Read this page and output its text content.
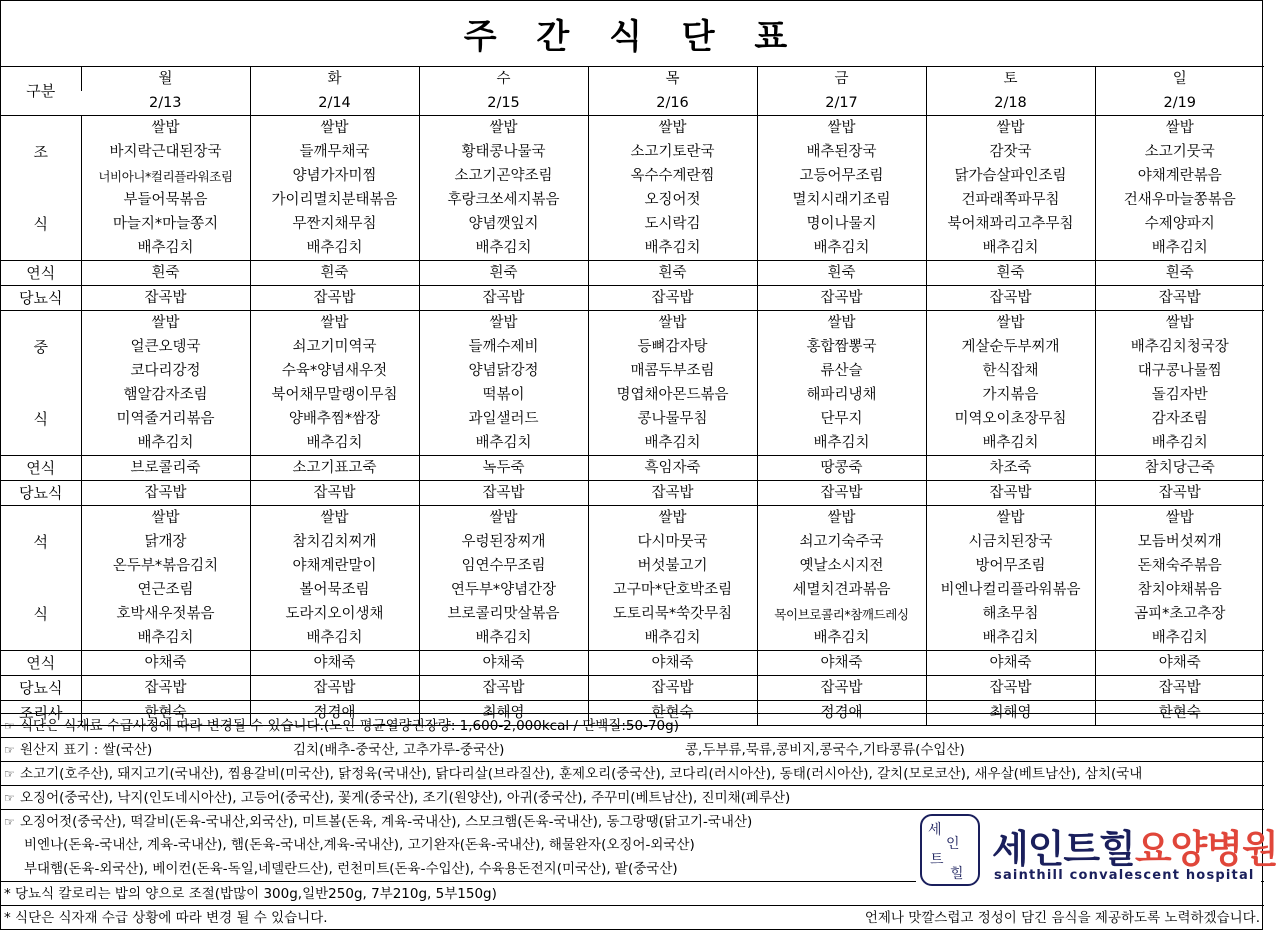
주 간 식 단 표
구분	월	화	수	목	금	토	일
	2/13	2/14	2/15	2/16	2/17	2/18	2/19
	쌀밥	쌀밥	쌀밥	쌀밥	쌀밥	쌀밥	쌀밥
조	바지락근대된장국	들깨무채국	황태콩나물국	소고기토란국	배추된장국	감잣국	소고기뭇국
	너비아니*컬리플라워조림	양념가자미찜	소고기곤약조림	옥수수계란찜	고등어무조림	닭가슴살파인조림	야채계란볶음
	부들어묵볶음	가이리멸치분태볶음	후랑크쏘세지볶음	오징어젓	멸치시래기조림	건파래쪽파무침	건새우마늘쫑볶음
식	마늘지*마늘쫑지	무짠지채무침	양념깻잎지	도시락김	명이나물지	북어채꽈리고추무침	수제양파지
	배추김치	배추김치	배추김치	배추김치	배추김치	배추김치	배추김치
연식	흰죽	흰죽	흰죽	흰죽	흰죽	흰죽	흰죽
당뇨식	잡곡밥	잡곡밥	잡곡밥	잡곡밥	잡곡밥	잡곡밥	잡곡밥
	쌀밥	쌀밥	쌀밥	쌀밥	쌀밥	쌀밥	쌀밥
중	얼큰오뎅국	쇠고기미역국	들깨수제비	등뼈감자탕	홍합짬뽕국	게살순두부찌개	배추김치청국장
	코다리강정	수육*양념새우젓	양념닭강정	매콤두부조림	류산슬	한식잡채	대구콩나물찜
	햄알감자조림	북어채무말랭이무침	떡볶이	명엽채아몬드볶음	해파리냉채	가지볶음	돌김자반
식	미역줄거리볶음	양배추찜*쌈장	과일샐러드	콩나물무침	단무지	미역오이초장무침	감자조림
	배추김치	배추김치	배추김치	배추김치	배추김치	배추김치	배추김치
연식	브로콜리죽	소고기표고죽	녹두죽	흑임자죽	땅콩죽	차조죽	참치당근죽
당뇨식	잡곡밥	잡곡밥	잡곡밥	잡곡밥	잡곡밥	잡곡밥	잡곡밥
	쌀밥	쌀밥	쌀밥	쌀밥	쌀밥	쌀밥	쌀밥
석	닭개장	참치김치찌개	우렁된장찌개	다시마뭇국	쇠고기숙주국	시금치된장국	모듬버섯찌개
	온두부*볶음김치	야채계란말이	임연수무조림	버섯불고기	옛날소시지전	방어무조림	돈채숙주볶음
	연근조림	볼어묵조림	연두부*양념간장	고구마*단호박조림	세멸치견과볶음	비엔나컬리플라워볶음	참치야채볶음
식	호박새우젓볶음	도라지오이생채	브로콜리맛살볶음	도토리묵*쑥갓무침	목이브로콜리*참깨드레싱	해초무침	곰피*초고추장
	배추김치	배추김치	배추김치	배추김치	배추김치	배추김치	배추김치
연식	야채죽	야채죽	야채죽	야채죽	야채죽	야채죽	야채죽
당뇨식	잡곡밥	잡곡밥	잡곡밥	잡곡밥	잡곡밥	잡곡밥	잡곡밥
조리사	한현숙	정경애	최해영	한현숙	정경애	최해영	한현숙
☞ 식단은 식재료 수급사정에 따라 변경될 수 있습니다.(노인 평균열량권장량: 1,600-2,000kcal / 단백질:50-70g)
☞ 원산지 표기 : 쌀(국산)	김치(배추-중국산, 고추가루-중국산)	콩,두부류,묵류,콩비지,콩국수,기타콩류(수입산)
☞ 소고기(호주산), 돼지고기(국내산), 찜용갈비(미국산), 닭정육(국내산), 닭다리살(브라질산), 훈제오리(중국산), 코다리(러시아산), 동태(러시아산), 갈치(모로코산), 새우살(베트남산), 삼치(국내
☞ 오징어(중국산), 낙지(인도네시아산), 고등어(중국산), 꽃게(중국산), 조기(원양산), 아귀(중국산), 주꾸미(베트남산), 진미채(페루산)
☞ 오징어젓(중국산), 떡갈비(돈육-국내산,외국산), 미트볼(돈육, 계육-국내산), 스모크햄(돈육-국내산), 동그랑땡(닭고기-국내산)
비엔나(돈육-국내산, 계육-국내산), 햄(돈육-국내산,계육-국내산), 고기완자(돈육-국내산), 해물완자(오징어-외국산)
부대햄(돈육-외국산), 베이컨(돈육-독일,네델란드산), 런천미트(돈육-수입산), 수육용돈전지(미국산), 팥(중국산)
* 당뇨식 칼로리는 밥의 양으로 조절(밥많이 300g,일반250g, 7부210g, 5부150g)
* 식단은 식자재 수급 상황에 따라 변경 될 수 있습니다.	언제나 맛깔스럽고 정성이 담긴 음식을 제공하도록 노력하겠습니다.
세
인
트
힐
세인트힐요양병원
sainthill convalescent hospital
